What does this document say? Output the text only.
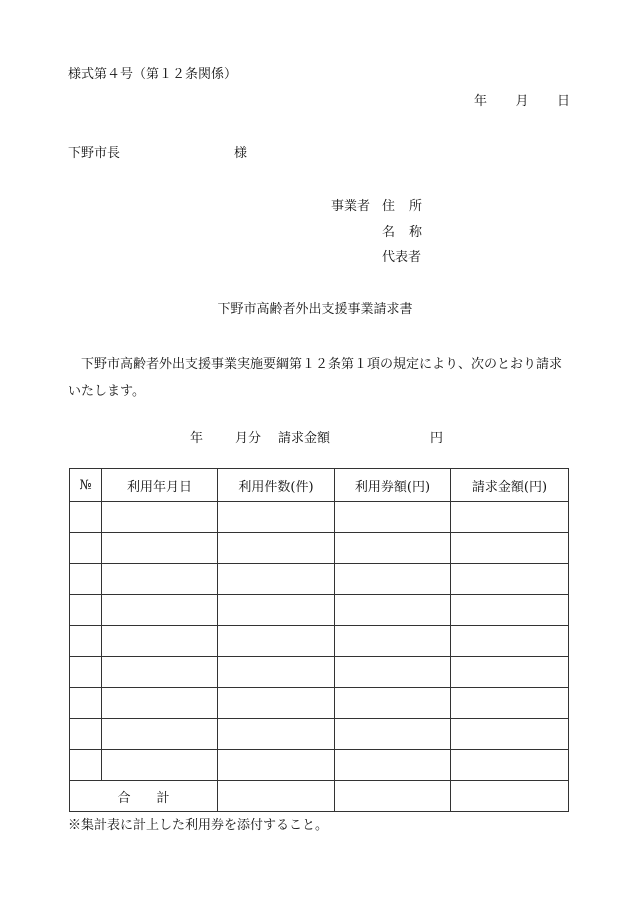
様式第４号（第１２条関係）
年 月 日
下野市長	様
事業者 住 所
名 称
代表者
下野市高齢者外出支援事業請求書
下野市高齢者外出支援事業実施要綱第１２条第１項の規定により、次のとおり請求いたします。
年 月分 請求金額	円
№	利用年月日	利用件数(件)	利用券額(円)	請求金額(円)

合　　計				
※集計表に計上した利用券を添付すること。
